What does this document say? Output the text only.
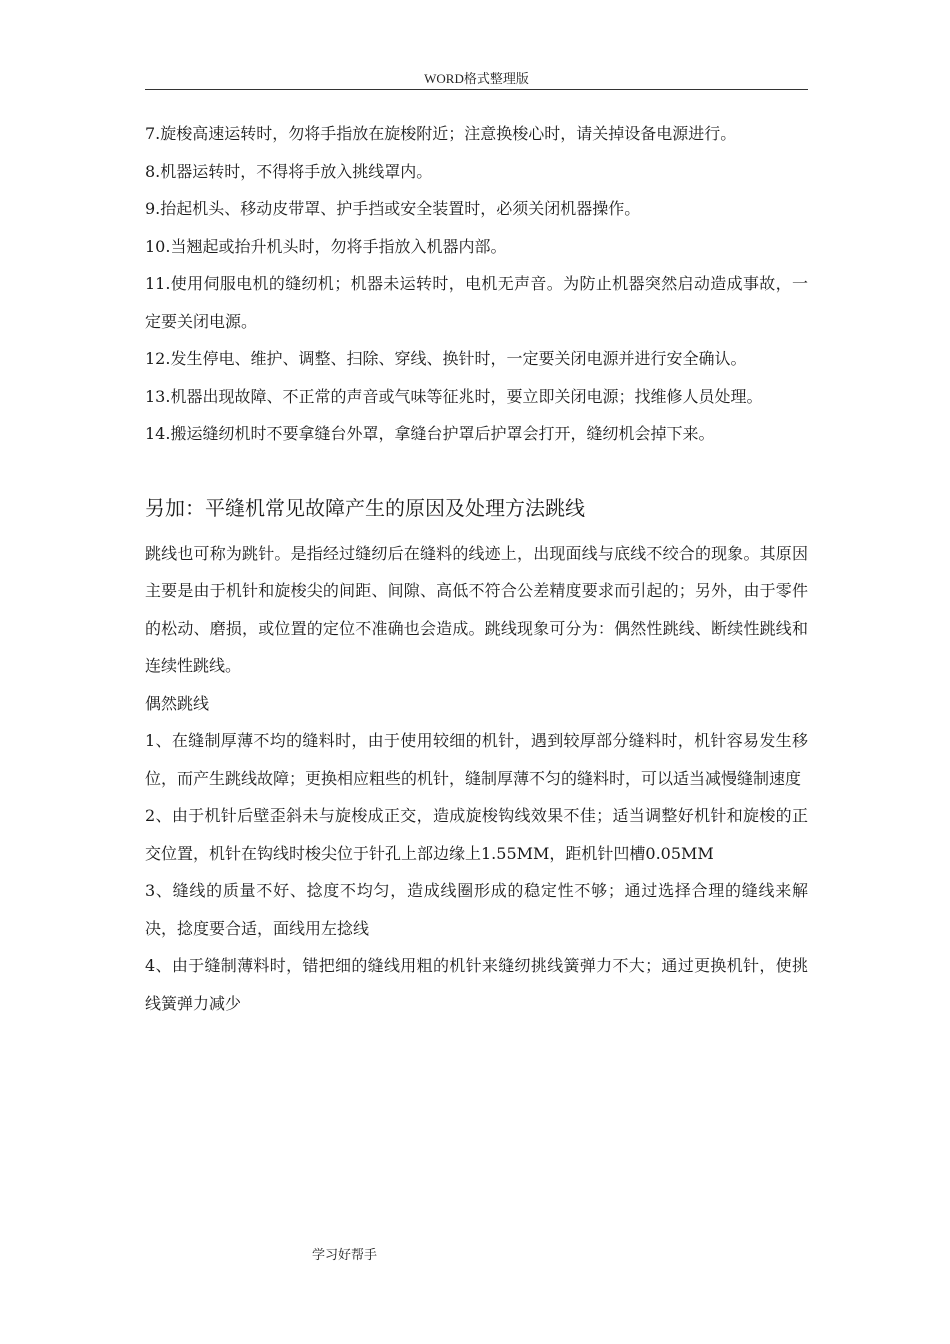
WORD格式整理版

7.旋梭高速运转时，勿将手指放在旋梭附近；注意换梭心时，请关掉设备电源进行。

8.机器运转时，不得将手放入挑线罩内。

9.抬起机头、移动皮带罩、护手挡或安全装置时，必须关闭机器操作。

10.当翘起或抬升机头时，勿将手指放入机器内部。

11.使用伺服电机的缝纫机；机器未运转时，电机无声音。为防止机器突然启动造成事故，一定要关闭电源。

12.发生停电、维护、调整、扫除、穿线、换针时，一定要关闭电源并进行安全确认。

13.机器出现故障、不正常的声音或气味等征兆时，要立即关闭电源；找维修人员处理。

14.搬运缝纫机时不要拿缝台外罩，拿缝台护罩后护罩会打开，缝纫机会掉下来。

另加：平缝机常见故障产生的原因及处理方法跳线

跳线也可称为跳针。是指经过缝纫后在缝料的线迹上，出现面线与底线不绞合的现象。其原因主要是由于机针和旋梭尖的间距、间隙、高低不符合公差精度要求而引起的；另外，由于零件的松动、磨损，或位置的定位不准确也会造成。跳线现象可分为：偶然性跳线、断续性跳线和连续性跳线。

偶然跳线

1、在缝制厚薄不均的缝料时，由于使用较细的机针，遇到较厚部分缝料时，机针容易发生移位，而产生跳线故障；更换相应粗些的机针，缝制厚薄不匀的缝料时，可以适当减慢缝制速度

2、由于机针后壁歪斜未与旋梭成正交，造成旋梭钩线效果不佳；适当调整好机针和旋梭的正交位置，机针在钩线时梭尖位于针孔上部边缘上1.55MM，距机针凹槽0.05MM

3、缝线的质量不好、捻度不均匀，造成线圈形成的稳定性不够；通过选择合理的缝线来解决，捻度要合适，面线用左捻线

4、由于缝制薄料时，错把细的缝线用粗的机针来缝纫挑线簧弹力不大；通过更换机针，使挑线簧弹力减少

学习好帮手
